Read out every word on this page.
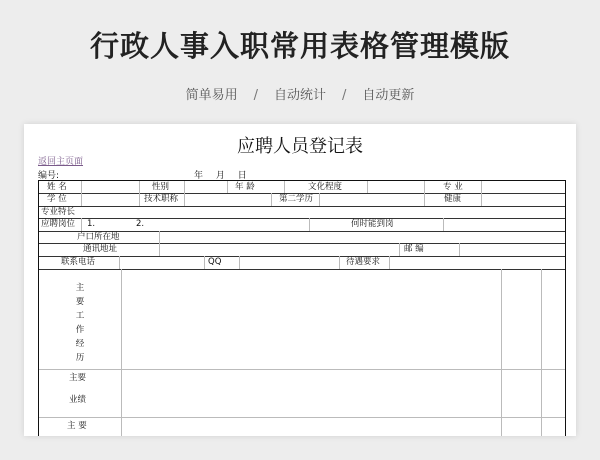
行政人事入职常用表格管理模版
简单易用 / 自动统计 / 自动更新
应聘人员登记表
返回主页面
编号:	年 月 日
姓 名	性别	年 龄	文化程度	专 业
学 位	技术职称	第二学历	健康
专业特长
应聘岗位 1.	2.	何时能到岗
户口所在地
通讯地址	邮 编
联系电话	QQ	待遇要求
主
要
工
作
经
历
主要
业绩
主 要
